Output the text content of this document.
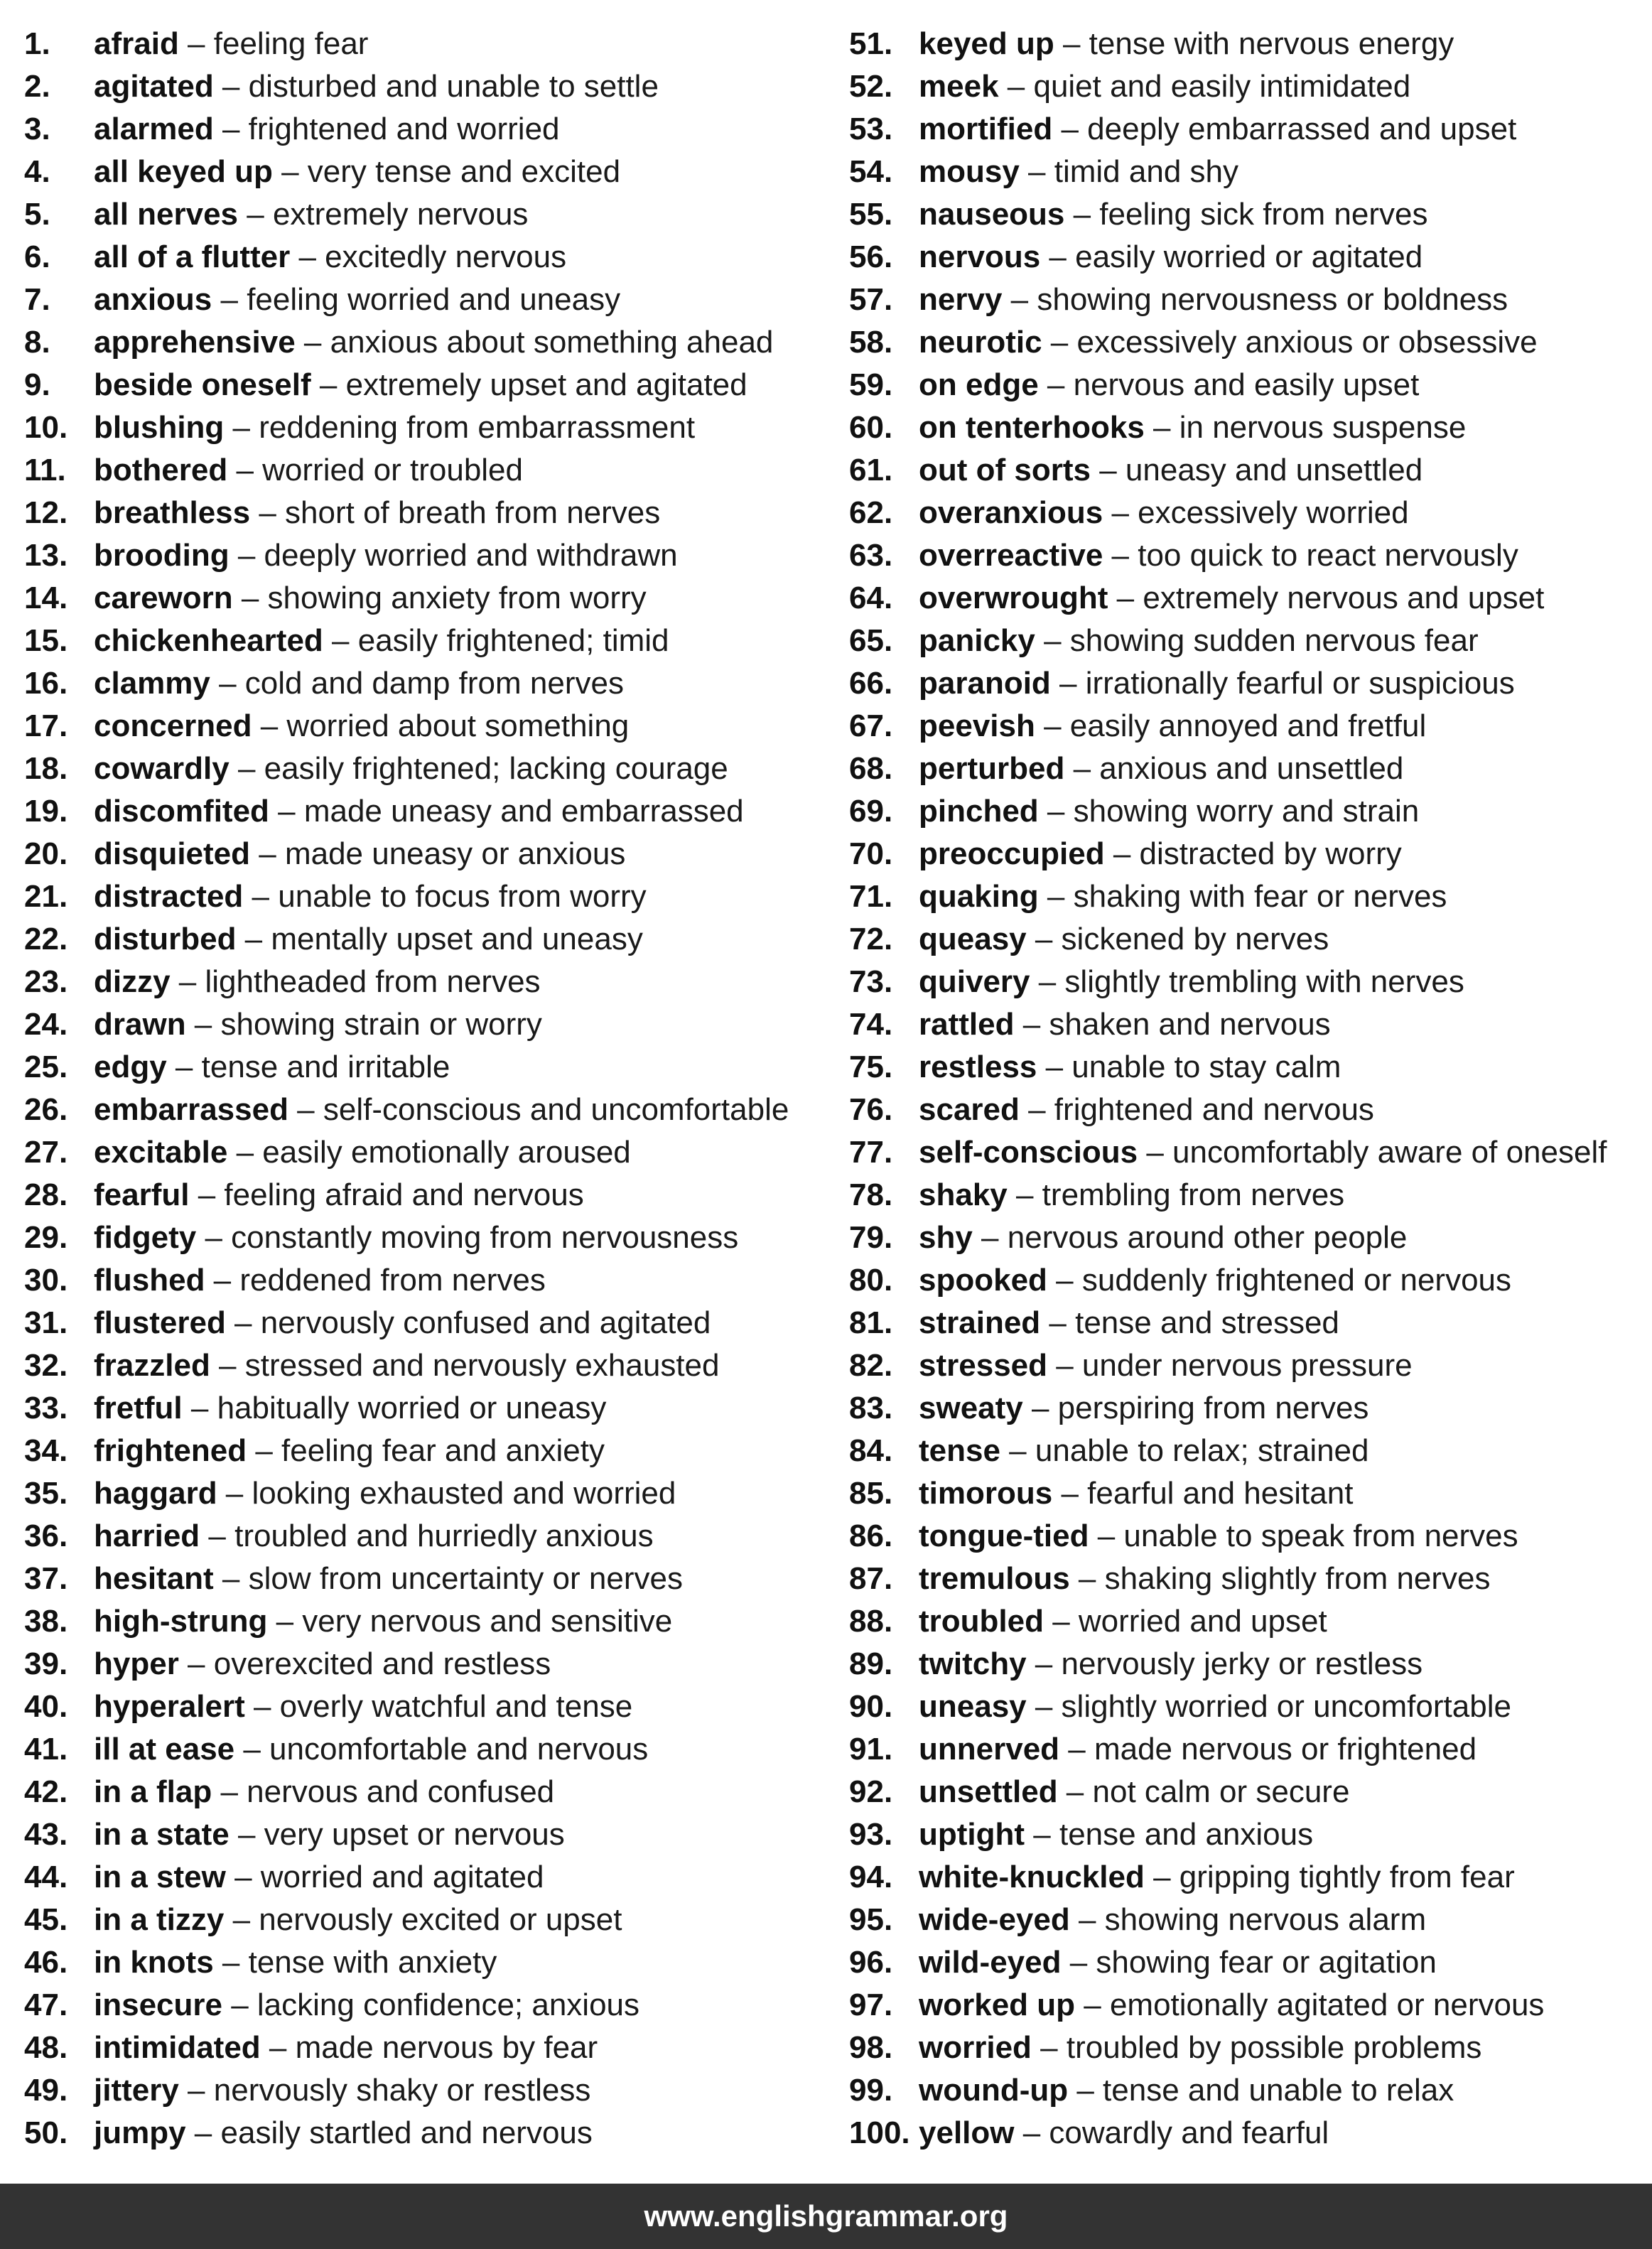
1. afraid – feeling fear
2. agitated – disturbed and unable to settle
3. alarmed – frightened and worried
4. all keyed up – very tense and excited
5. all nerves – extremely nervous
6. all of a flutter – excitedly nervous
7. anxious – feeling worried and uneasy
8. apprehensive – anxious about something ahead
9. beside oneself – extremely upset and agitated
10. blushing – reddening from embarrassment
11. bothered – worried or troubled
12. breathless – short of breath from nerves
13. brooding – deeply worried and withdrawn
14. careworn – showing anxiety from worry
15. chickenhearted – easily frightened; timid
16. clammy – cold and damp from nerves
17. concerned – worried about something
18. cowardly – easily frightened; lacking courage
19. discomfited – made uneasy and embarrassed
20. disquieted – made uneasy or anxious
21. distracted – unable to focus from worry
22. disturbed – mentally upset and uneasy
23. dizzy – lightheaded from nerves
24. drawn – showing strain or worry
25. edgy – tense and irritable
26. embarrassed – self-conscious and uncomfortable
27. excitable – easily emotionally aroused
28. fearful – feeling afraid and nervous
29. fidgety – constantly moving from nervousness
30. flushed – reddened from nerves
31. flustered – nervously confused and agitated
32. frazzled – stressed and nervously exhausted
33. fretful – habitually worried or uneasy
34. frightened – feeling fear and anxiety
35. haggard – looking exhausted and worried
36. harried – troubled and hurriedly anxious
37. hesitant – slow from uncertainty or nerves
38. high-strung – very nervous and sensitive
39. hyper – overexcited and restless
40. hyperalert – overly watchful and tense
41. ill at ease – uncomfortable and nervous
42. in a flap – nervous and confused
43. in a state – very upset or nervous
44. in a stew – worried and agitated
45. in a tizzy – nervously excited or upset
46. in knots – tense with anxiety
47. insecure – lacking confidence; anxious
48. intimidated – made nervous by fear
49. jittery – nervously shaky or restless
50. jumpy – easily startled and nervous
51. keyed up – tense with nervous energy
52. meek – quiet and easily intimidated
53. mortified – deeply embarrassed and upset
54. mousy – timid and shy
55. nauseous – feeling sick from nerves
56. nervous – easily worried or agitated
57. nervy – showing nervousness or boldness
58. neurotic – excessively anxious or obsessive
59. on edge – nervous and easily upset
60. on tenterhooks – in nervous suspense
61. out of sorts – uneasy and unsettled
62. overanxious – excessively worried
63. overreactive – too quick to react nervously
64. overwrought – extremely nervous and upset
65. panicky – showing sudden nervous fear
66. paranoid – irrationally fearful or suspicious
67. peevish – easily annoyed and fretful
68. perturbed – anxious and unsettled
69. pinched – showing worry and strain
70. preoccupied – distracted by worry
71. quaking – shaking with fear or nerves
72. queasy – sickened by nerves
73. quivery – slightly trembling with nerves
74. rattled – shaken and nervous
75. restless – unable to stay calm
76. scared – frightened and nervous
77. self-conscious – uncomfortably aware of oneself
78. shaky – trembling from nerves
79. shy – nervous around other people
80. spooked – suddenly frightened or nervous
81. strained – tense and stressed
82. stressed – under nervous pressure
83. sweaty – perspiring from nerves
84. tense – unable to relax; strained
85. timorous – fearful and hesitant
86. tongue-tied – unable to speak from nerves
87. tremulous – shaking slightly from nerves
88. troubled – worried and upset
89. twitchy – nervously jerky or restless
90. uneasy – slightly worried or uncomfortable
91. unnerved – made nervous or frightened
92. unsettled – not calm or secure
93. uptight – tense and anxious
94. white-knuckled – gripping tightly from fear
95. wide-eyed – showing nervous alarm
96. wild-eyed – showing fear or agitation
97. worked up – emotionally agitated or nervous
98. worried – troubled by possible problems
99. wound-up – tense and unable to relax
100. yellow – cowardly and fearful
www.englishgrammar.org
